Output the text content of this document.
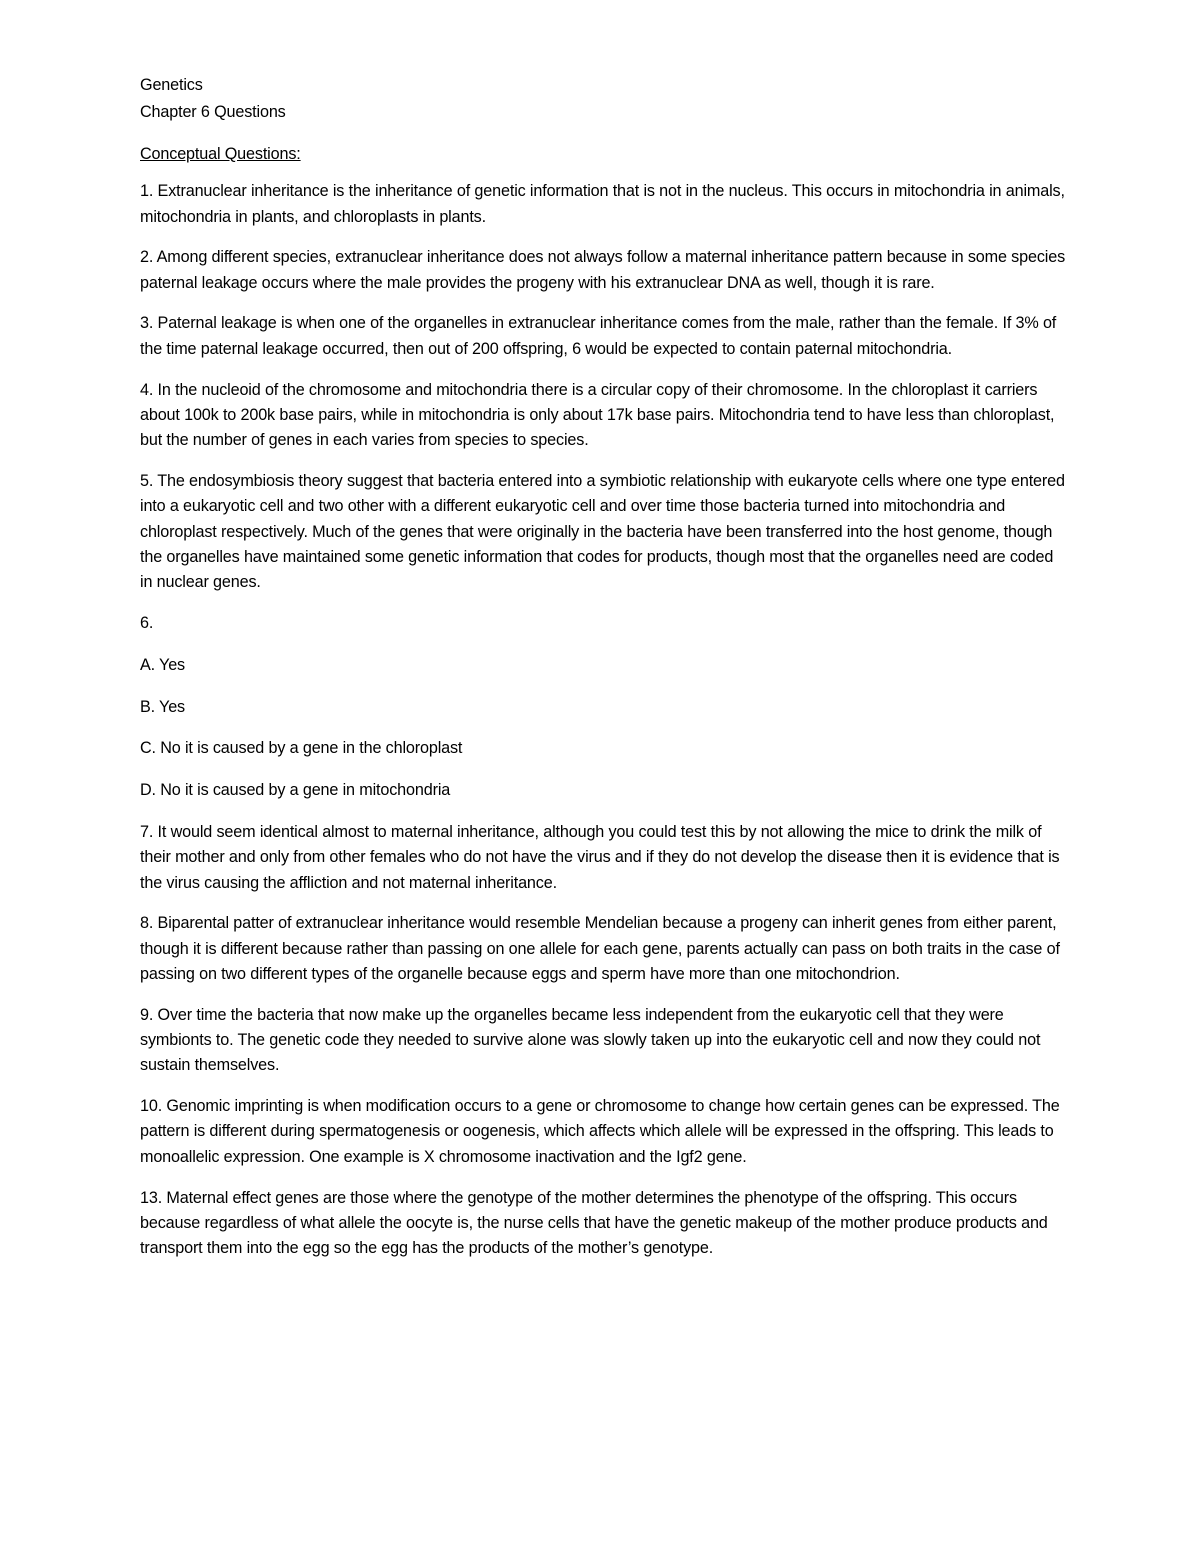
Genetics

Chapter 6 Questions

Conceptual Questions:

1. Extranuclear inheritance is the inheritance of genetic information that is not in the nucleus. This occurs in mitochondria in animals, mitochondria in plants, and chloroplasts in plants.

2. Among different species, extranuclear inheritance does not always follow a maternal inheritance pattern because in some species paternal leakage occurs where the male provides the progeny with his extranuclear DNA as well, though it is rare.

3. Paternal leakage is when one of the organelles in extranuclear inheritance comes from the male, rather than the female. If 3% of the time paternal leakage occurred, then out of 200 offspring, 6 would be expected to contain paternal mitochondria.

4. In the nucleoid of the chromosome and mitochondria there is a circular copy of their chromosome. In the chloroplast it carriers about 100k to 200k base pairs, while in mitochondria is only about 17k base pairs. Mitochondria tend to have less than chloroplast, but the number of genes in each varies from species to species.

5. The endosymbiosis theory suggest that bacteria entered into a symbiotic relationship with eukaryote cells where one type entered into a eukaryotic cell and two other with a different eukaryotic cell and over time those bacteria turned into mitochondria and chloroplast respectively. Much of the genes that were originally in the bacteria have been transferred into the host genome, though the organelles have maintained some genetic information that codes for products, though most that the organelles need are coded in nuclear genes.

6.

A. Yes

B. Yes

C. No it is caused by a gene in the chloroplast

D. No it is caused by a gene in mitochondria

7. It would seem identical almost to maternal inheritance, although you could test this by not allowing the mice to drink the milk of their mother and only from other females who do not have the virus and if they do not develop the disease then it is evidence that is the virus causing the affliction and not maternal inheritance.

8. Biparental patter of extranuclear inheritance would resemble Mendelian because a progeny can inherit genes from either parent, though it is different because rather than passing on one allele for each gene, parents actually can pass on both traits in the case of passing on two different types of the organelle because eggs and sperm have more than one mitochondrion.

9. Over time the bacteria that now make up the organelles became less independent from the eukaryotic cell that they were symbionts to. The genetic code they needed to survive alone was slowly taken up into the eukaryotic cell and now they could not sustain themselves.

10. Genomic imprinting is when modification occurs to a gene or chromosome to change how certain genes can be expressed. The pattern is different during spermatogenesis or oogenesis, which affects which allele will be expressed in the offspring. This leads to monoallelic expression. One example is X chromosome inactivation and the Igf2 gene.

13. Maternal effect genes are those where the genotype of the mother determines the phenotype of the offspring. This occurs because regardless of what allele the oocyte is, the nurse cells that have the genetic makeup of the mother produce products and transport them into the egg so the egg has the products of the mother’s genotype.
